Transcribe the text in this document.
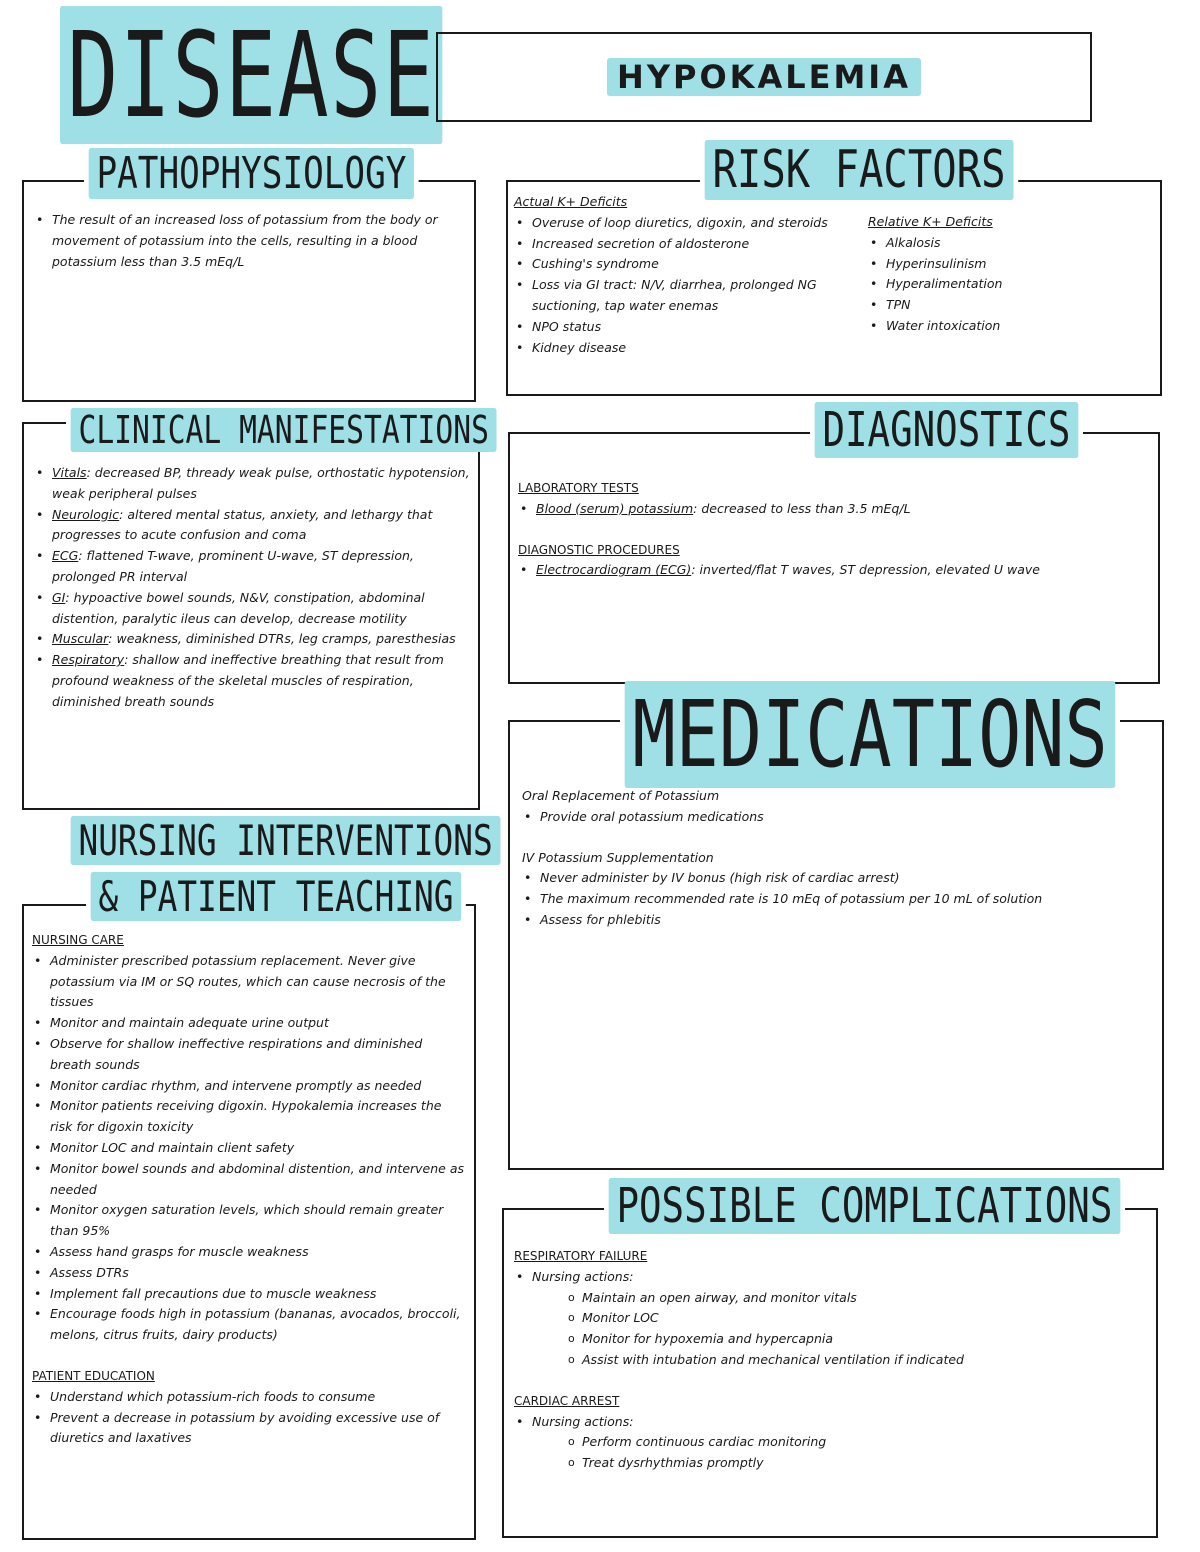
DISEASE	HYPOKALEMIA
PATHOPHYSIOLOGY
• The result of an increased loss of potassium from the body or movement of potassium into the cells, resulting in a blood potassium less than 3.5 mEq/L
RISK FACTORS
Actual K+ Deficits
• Overuse of loop diuretics, digoxin, and steroids
• Increased secretion of aldosterone
• Cushing's syndrome
• Loss via GI tract: N/V, diarrhea, prolonged NG suctioning, tap water enemas
• NPO status
• Kidney disease
Relative K+ Deficits
• Alkalosis
• Hyperinsulinism
• Hyperalimentation
• TPN
• Water intoxication
CLINICAL MANIFESTATIONS
• Vitals: decreased BP, thready weak pulse, orthostatic hypotension, weak peripheral pulses
• Neurologic: altered mental status, anxiety, and lethargy that progresses to acute confusion and coma
• ECG: flattened T-wave, prominent U-wave, ST depression, prolonged PR interval
• GI: hypoactive bowel sounds, N&V, constipation, abdominal distention, paralytic ileus can develop, decrease motility
• Muscular: weakness, diminished DTRs, leg cramps, paresthesias
• Respiratory: shallow and ineffective breathing that result from profound weakness of the skeletal muscles of respiration, diminished breath sounds
DIAGNOSTICS
LABORATORY TESTS
• Blood (serum) potassium: decreased to less than 3.5 mEq/L
DIAGNOSTIC PROCEDURES
• Electrocardiogram (ECG): inverted/flat T waves, ST depression, elevated U wave
NURSING INTERVENTIONS
& PATIENT TEACHING
NURSING CARE
• Administer prescribed potassium replacement. Never give potassium via IM or SQ routes, which can cause necrosis of the tissues
• Monitor and maintain adequate urine output
• Observe for shallow ineffective respirations and diminished breath sounds
• Monitor cardiac rhythm, and intervene promptly as needed
• Monitor patients receiving digoxin. Hypokalemia increases the risk for digoxin toxicity
• Monitor LOC and maintain client safety
• Monitor bowel sounds and abdominal distention, and intervene as needed
• Monitor oxygen saturation levels, which should remain greater than 95%
• Assess hand grasps for muscle weakness
• Assess DTRs
• Implement fall precautions due to muscle weakness
• Encourage foods high in potassium (bananas, avocados, broccoli, melons, citrus fruits, dairy products)
PATIENT EDUCATION
• Understand which potassium-rich foods to consume
• Prevent a decrease in potassium by avoiding excessive use of diuretics and laxatives
MEDICATIONS
Oral Replacement of Potassium
• Provide oral potassium medications
IV Potassium Supplementation
• Never administer by IV bonus (high risk of cardiac arrest)
• The maximum recommended rate is 10 mEq of potassium per 10 mL of solution
• Assess for phlebitis
POSSIBLE COMPLICATIONS
RESPIRATORY FAILURE
• Nursing actions:
o Maintain an open airway, and monitor vitals
o Monitor LOC
o Monitor for hypoxemia and hypercapnia
o Assist with intubation and mechanical ventilation if indicated
CARDIAC ARREST
• Nursing actions:
o Perform continuous cardiac monitoring
o Treat dysrhythmias promptly
